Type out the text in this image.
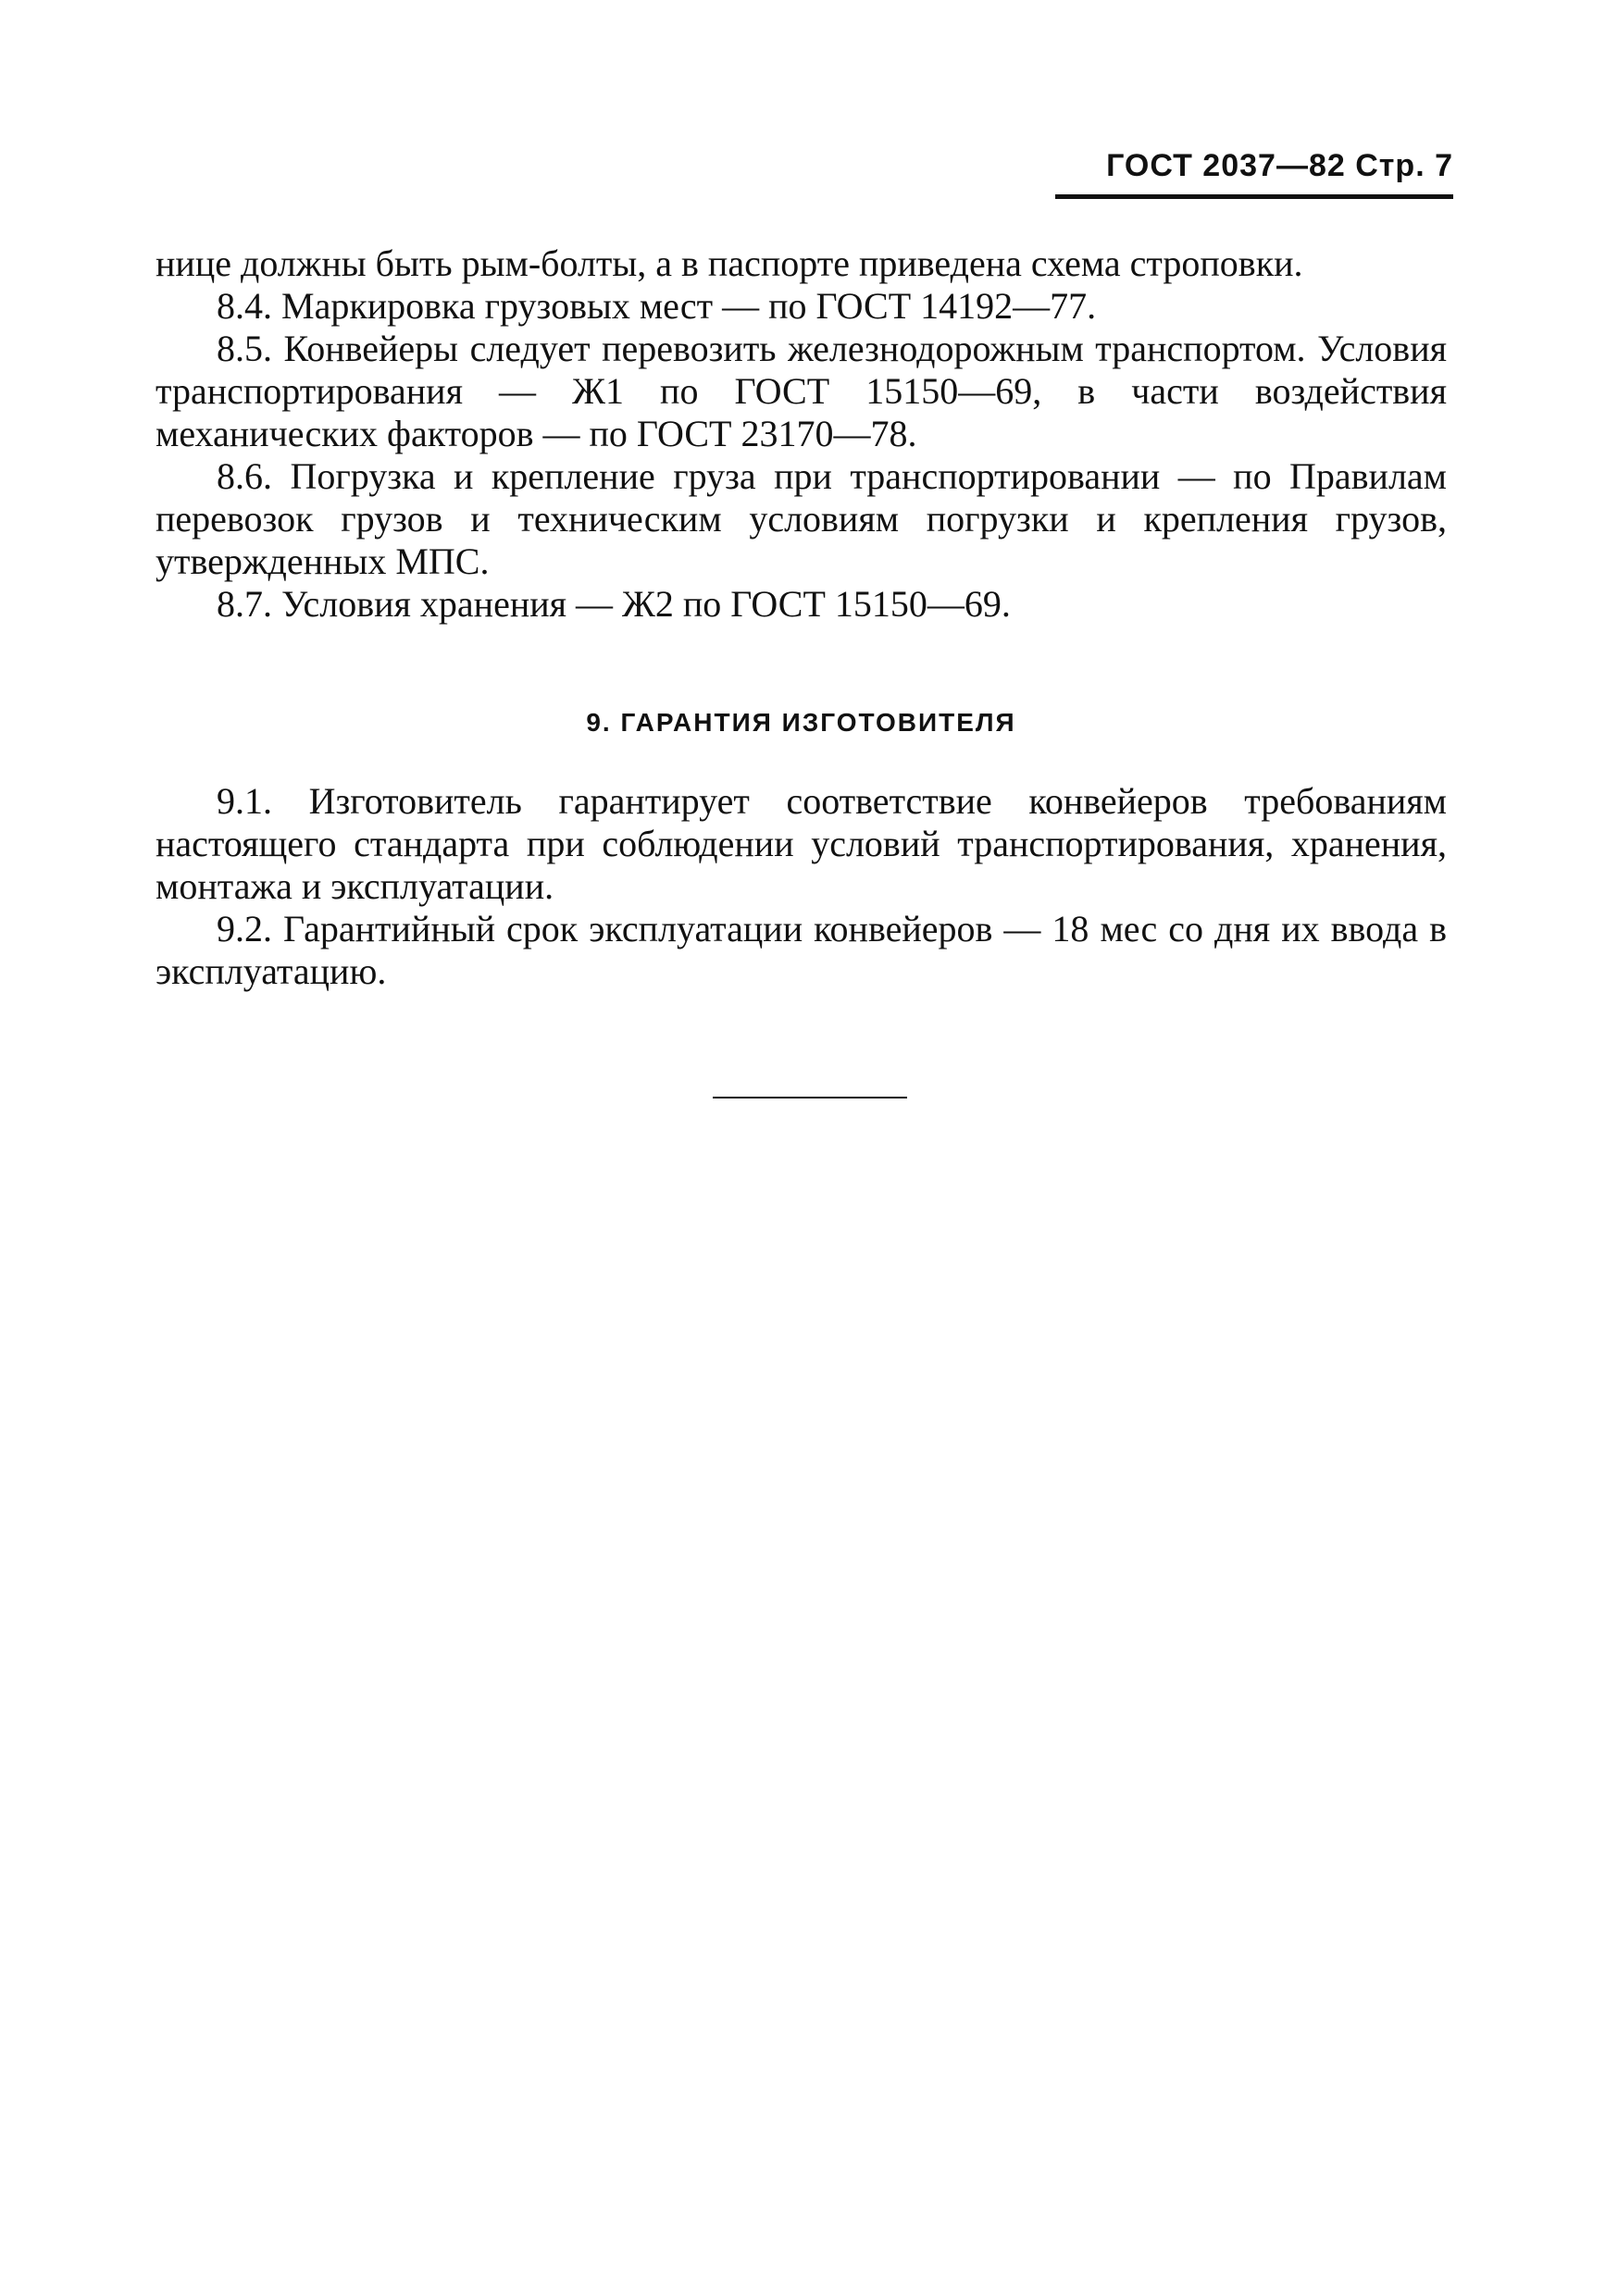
ГОСТ 2037—82 Стр. 7

нице должны быть рым-болты, а в паспорте приведена схема строповки.

8.4. Маркировка грузовых мест — по ГОСТ 14192—77.

8.5. Конвейеры следует перевозить железнодорожным транспортом. Условия транспортирования — Ж1 по ГОСТ 15150—69, в части воздействия механических факторов — по ГОСТ 23170—78.

8.6. Погрузка и крепление груза при транспортировании — по Правилам перевозок грузов и техническим условиям погрузки и крепления грузов, утвержденных МПС.

8.7. Условия хранения — Ж2 по ГОСТ 15150—69.

9. ГАРАНТИЯ ИЗГОТОВИТЕЛЯ

9.1. Изготовитель гарантирует соответствие конвейеров требованиям настоящего стандарта при соблюдении условий транспортирования, хранения, монтажа и эксплуатации.

9.2. Гарантийный срок эксплуатации конвейеров — 18 мес со дня их ввода в эксплуатацию.
